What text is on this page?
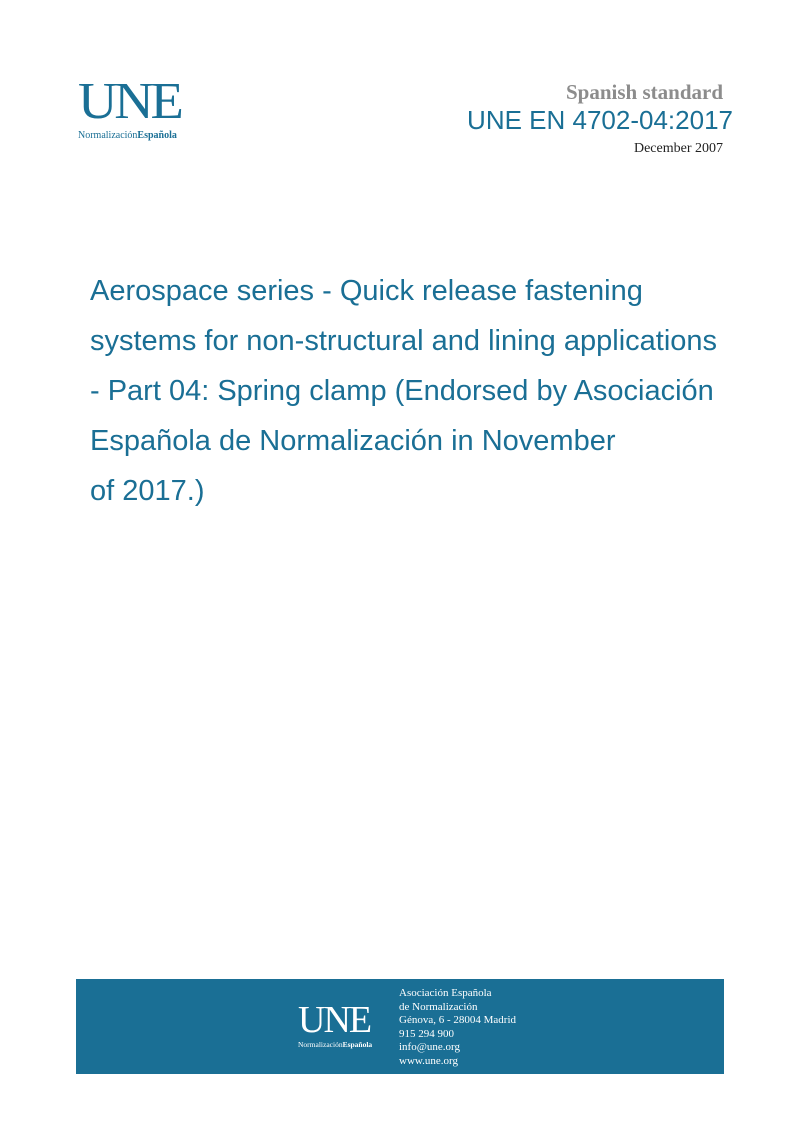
UNE
NormalizaciónEspañola
Spanish standard
UNE EN 4702-04:2017
December 2007
Aerospace series - Quick release fastening
systems for non-structural and lining applications
- Part 04: Spring clamp (Endorsed by Asociación
Española de Normalización in November
of 2017.)
UNE
NormalizaciónEspañola
Asociación Española
de Normalización
Génova, 6 - 28004 Madrid
915 294 900
info@une.org
www.une.org
